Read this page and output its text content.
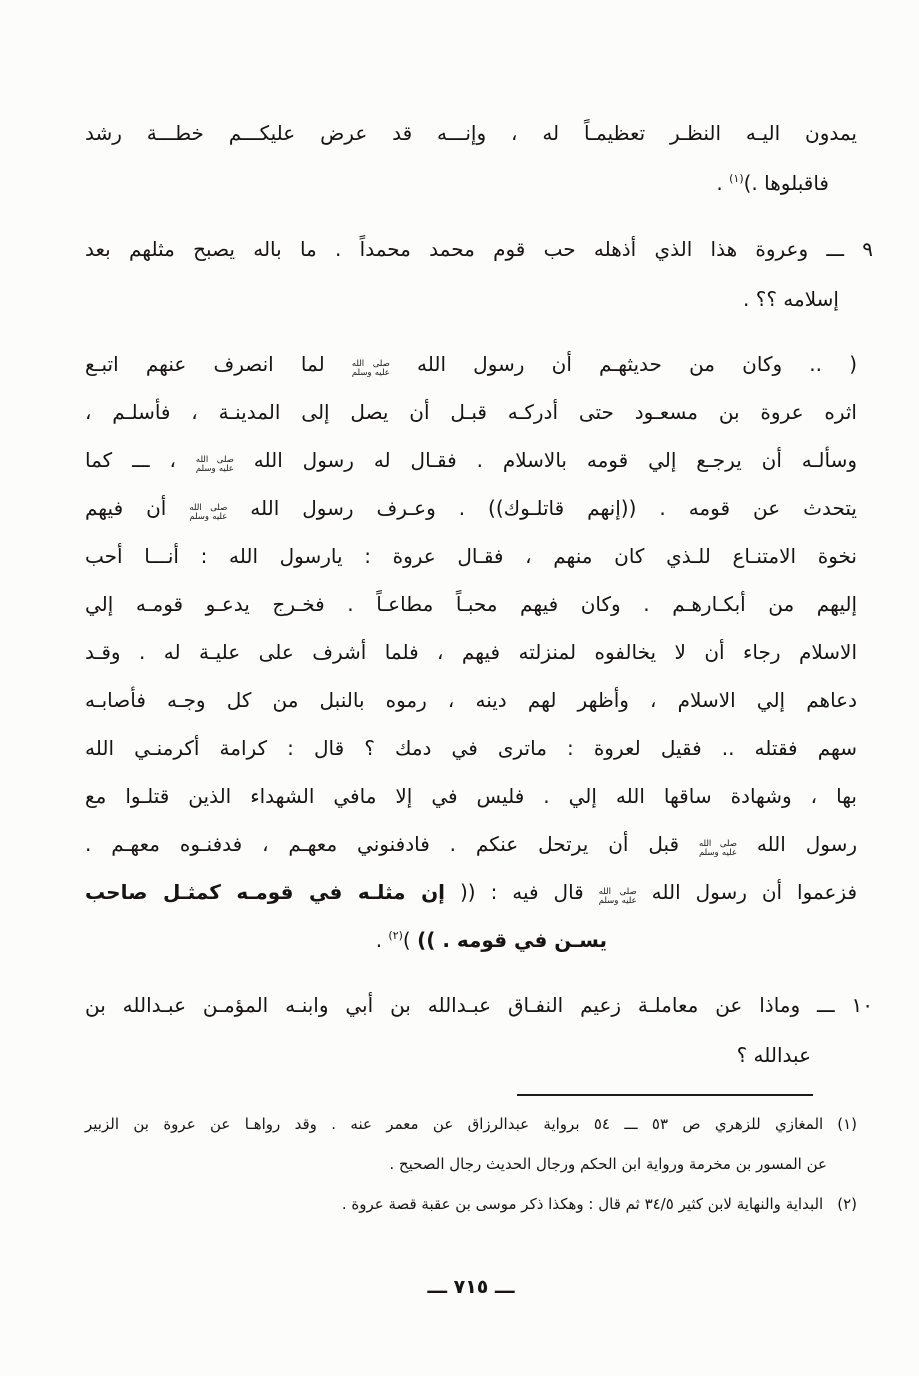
يمدون اليـه النظـر تعظيمـاً له ، وإنـــه قد عرض عليكـــم خطـــة رشد
فاقبلوها .)$^{(١)}$ .
٩ ـــ وعروة هذا الذي أذهله حب قوم محمد محمداً . ما باله يصبح مثلهم بعد
إسلامه ؟؟ .
( .. وكان من حديثهـم أن رسول الله
صلى الله
عليه وسلم
لما انصرف عنهم اتبـع
اثره عروة بن مسعـود حتى أدركـه قبـل أن يصل إلى المدينـة ، فأسلـم ،
وسألـه أن يرجـع إلي قومه بالاسلام . فقـال له رسول الله
صلى الله
عليه وسلم
، ـــ كما
يتحدث عن قومه . ((إنهم قاتلـوك)) . وعـرف رسول الله
صلى الله
عليه وسلم
أن فيهم
نخوة الامتنـاع للـذي كان منهم ، فقـال عروة : يارسول الله : أنـــا أحب
إليهم من أبكـارهـم . وكان فيهم محبـاً مطاعـاً . فخـرج يدعـو قومـه إلي
الاسلام رجاء أن لا يخالفوه لمنزلته فيهم ، فلما أشرف على عليـة له . وقـد
دعاهم إلي الاسلام ، وأظهر لهم دينه ، رموه بالنبل من كل وجـه فأصابـه
سهم فقتله .. فقيل لعروة : ماترى في دمك ؟ قال : كرامة أكرمنـي الله
بها ، وشهادة ساقها الله إلي . فليس في إلا مافي الشهداء الذين قتلـوا مع
رسول الله
صلى الله
عليه وسلم
قبل أن يرتحل عنكم . فادفنوني معهـم ، فدفنـوه معهـم .
فزعموا أن رسول الله
صلى الله
عليه وسلم
قال فيه : (( إن مثلـه في قومـه كمثـل صاحب
يسـن في قومه . )) )$^{(٢)}$ .
١٠ ـــ وماذا عن معاملـة زعيم النفـاق عبـدالله بن أبي وابنـه المؤمـن عبـدالله بن
عبدالله ؟
(١)المغازي للزهري ص ٥٣ ـــ ٥٤ برواية عبدالرزاق عن معمر عنه . وقد رواهـا عن عروة بن الزبير
عن المسور بن مخرمة ورواية ابن الحكم ورجال الحديث رجال الصحيح .
(٢)البداية والنهاية لابن كثير ٣٤/٥ ثم قال : وهكذا ذكر موسى بن عقبة قصة عروة .
ـــ ٧١٥ ـــ
